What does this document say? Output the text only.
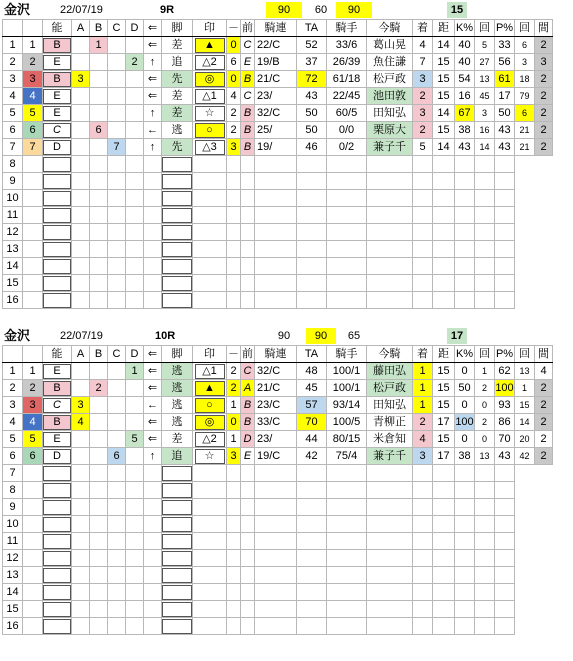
金沢	22/07/19	9R	90	60	90	15
		能	A	B	C	D	⇐	脚	印	－	前	騎連	TA	騎手	今騎	着	距	K%	回	P%	回	間
1	1	B		1			⇐	差	▲	0	C	22/C	52	33/6	葛山晃	4	14	40	5	33	6	2
2	2	E				2	↑	追	△2	6	E	19/B	37	26/39	魚住謙	7	15	40	27	56	3	3
3	3	B	3				⇐	先	◎	0	B	21/C	72	61/18	松戸政	3	15	54	13	61	18	2
4	4	E					⇐	差	△1	4	C	23/	43	22/45	池田敦	2	15	16	45	17	79	2
5	5	E					↑	差	☆	2	B	32/C	50	60/5	田知弘	3	14	67	3	50	6	2
6	6	C		6			←	逃	○	2	B	25/	50	0/0	栗原大	2	15	38	16	43	21	2
7	7	D			7		↑	先	△3	3	B	19/	46	0/2	兼子千	5	14	43	14	43	21	2
8																						
9																						
10																						
11																						
12																						
13																						
14																						
15																						
16																						
金沢	22/07/19	10R	90	90	65	17
		能	A	B	C	D	⇐	脚	印	－	前	騎連	TA	騎手	今騎	着	距	K%	回	P%	回	間
1	1	E				1	⇐	逃	△1	2	C	32/C	48	100/1	藤田弘	1	15	0	1	62	13	4
2	2	B		2			⇐	逃	▲	2	A	21/C	45	100/1	松戸政	1	15	50	2	100	1	2
3	3	C	3				←	逃	○	1	B	23/C	57	93/14	田知弘	1	15	0	0	93	15	2
4	4	B	4				⇐	逃	◎	0	B	33/C	70	100/5	青柳正	2	17	100	2	86	14	2
5	5	E				5	⇐	差	△2	1	D	23/	44	80/15	米倉知	4	15	0	0	70	20	2
6	6	D			6		↑	追	☆	3	E	19/C	42	75/4	兼子千	3	17	38	13	43	42	2
7																						
8																						
9																						
10																						
11																						
12																						
13																						
14																						
15																						
16																						
